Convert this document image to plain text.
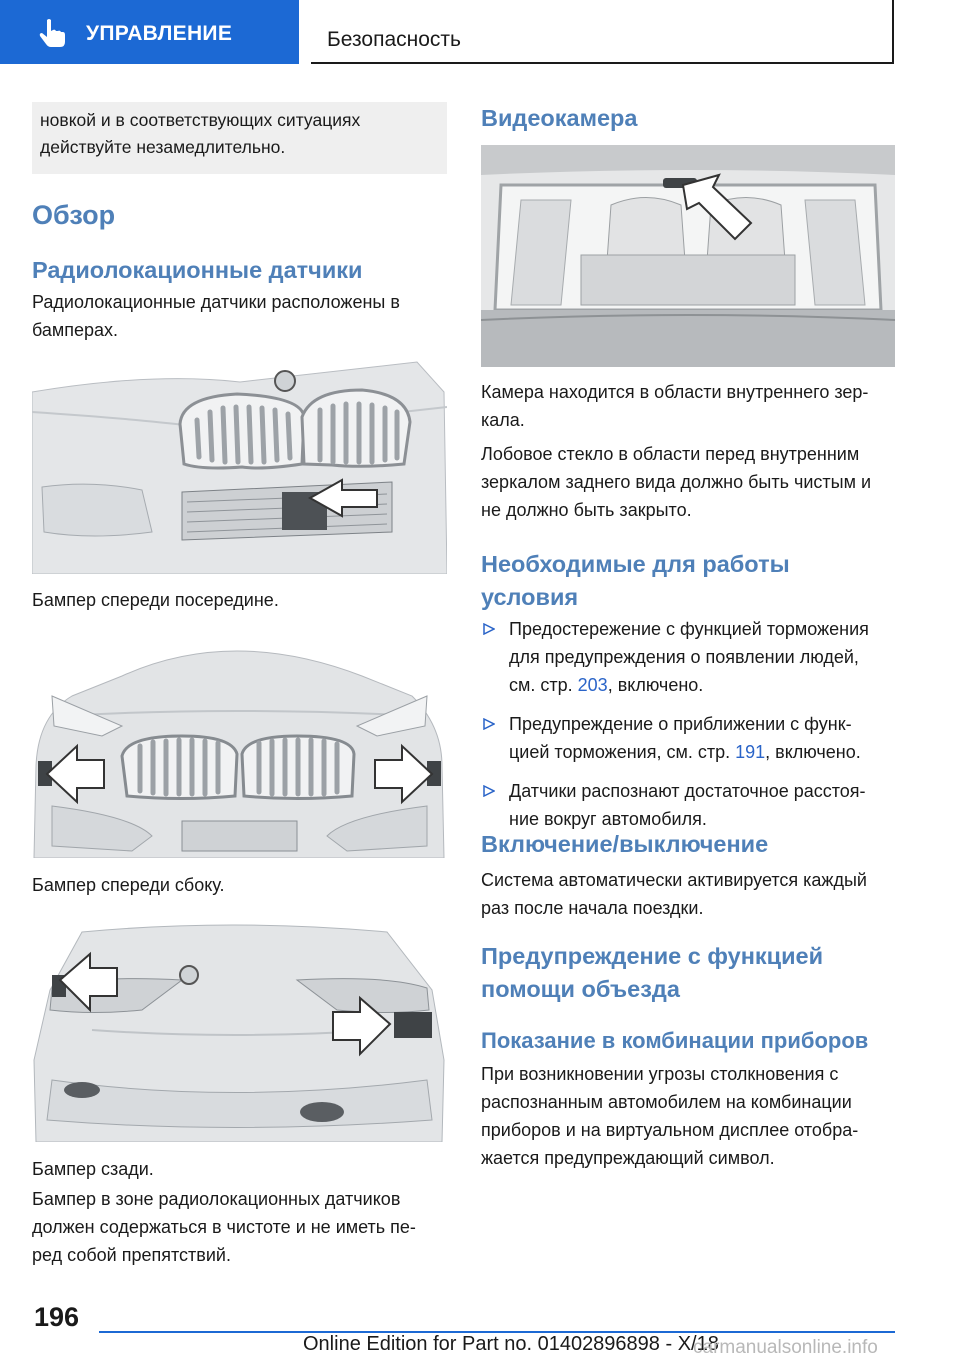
УПРАВЛЕНИЕ	Безопасность
новкой и в соответствующих ситуациях
действуйте незамедлительно.
Обзор
Радиолокационные датчики
Радиолокационные датчики расположены в
бамперах.
Бампер спереди посередине.
Бампер спереди сбоку.
Бампер сзади.
Бампер в зоне радиолокационных датчиков
должен содержаться в чистоте и не иметь пе-
ред собой препятствий.
Видеокамера
Камера находится в области внутреннего зер-
кала.
Лобовое стекло в области перед внутренним
зеркалом заднего вида должно быть чистым и
не должно быть закрыто.
Необходимые для работы
условия
Предостережение с функцией торможения
для предупреждения о появлении людей,
см. стр. 203, включено.
Предупреждение о приближении с функ-
цией торможения, см. стр. 191, включено.
Датчики распознают достаточное расстоя-
ние вокруг автомобиля.
Включение/выключение
Система автоматически активируется каждый
раз после начала поездки.
Предупреждение с функцией
помощи объезда
Показание в комбинации приборов
При возникновении угрозы столкновения с
распознанным автомобилем на комбинации
приборов и на виртуальном дисплее отобра-
жается предупреждающий символ.
196
Online Edition for Part no. 01402896898 - X/18
carmanualsonline.info
